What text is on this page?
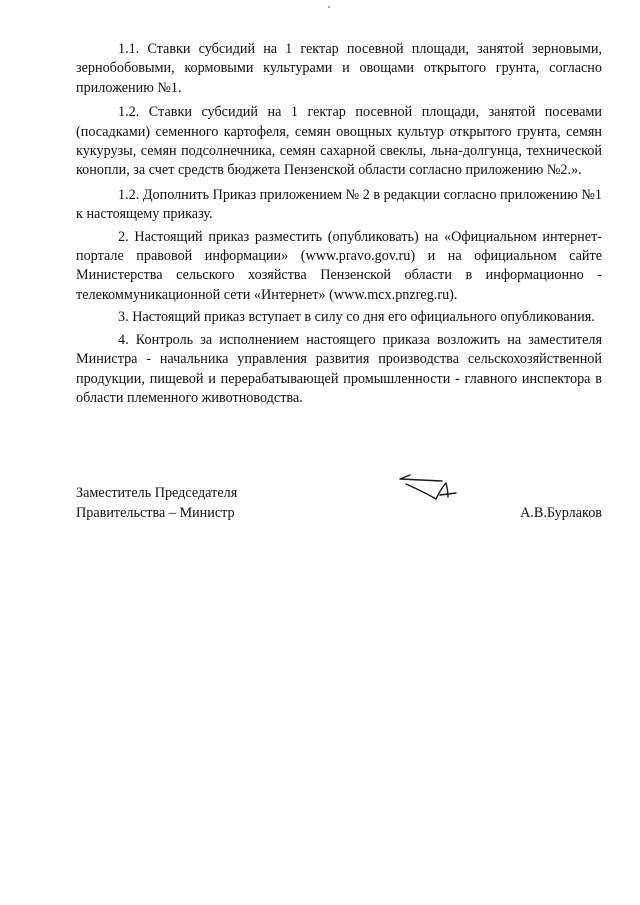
1.1. Ставки субсидий на 1 гектар посевной площади, занятой зерновыми, зернобобовыми, кормовыми культурами и овощами открытого грунта, согласно приложению №1.

1.2. Ставки субсидий на 1 гектар посевной площади, занятой посевами (посадками) семенного картофеля, семян овощных культур открытого грунта, семян кукурузы, семян подсолнечника, семян сахарной свеклы, льна-долгунца, технической конопли, за счет средств бюджета Пензенской области согласно приложению №2.».

1.2. Дополнить Приказ приложением № 2 в редакции согласно приложению №1 к настоящему приказу.

2. Настоящий приказ разместить (опубликовать) на «Официальном интернет-портале правовой информации» (www.pravo.gov.ru) и на официальном сайте Министерства сельского хозяйства Пензенской области в информационно - телекоммуникационной сети «Интернет» (www.mcx.pnzreg.ru).

3. Настоящий приказ вступает в силу со дня его официального опубликования.

4. Контроль за исполнением настоящего приказа возложить на заместителя Министра - начальника управления развития производства сельскохозяйственной продукции, пищевой и перерабатывающей промышленности - главного инспектора в области племенного животноводства.

Заместитель Председателя
Правительства – Министр	А.В.Бурлаков
